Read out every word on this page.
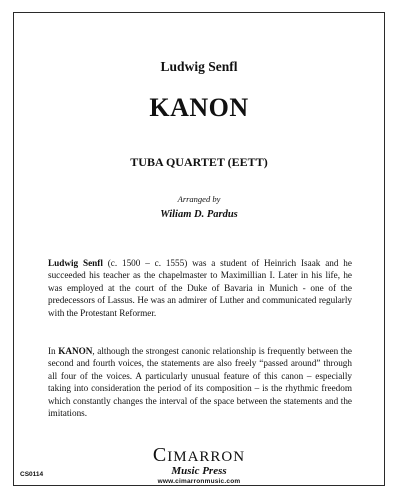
Ludwig Senfl
KANON
TUBA QUARTET (EETT)
Arranged by
Wiliam D. Pardus

Ludwig Senfl (c. 1500 – c. 1555) was a student of Heinrich Isaak and he succeeded his teacher as the chapelmaster to Maximillian I. Later in his life, he was employed at the court of the Duke of Bavaria in Munich - one of the predecessors of Lassus. He was an admirer of Luther and communicated regularly with the Protestant Reformer.

In KANON, although the strongest canonic relationship is frequently between the second and fourth voices, the statements are also freely “passed around” through all four of the voices. A particularly unusual feature of this canon – especially taking into consideration the period of its composition – is the rhythmic freedom which constantly changes the interval of the space between the statements and the imitations.

CIMARRON
Music Press
www.cimarronmusic.com
CS0114
